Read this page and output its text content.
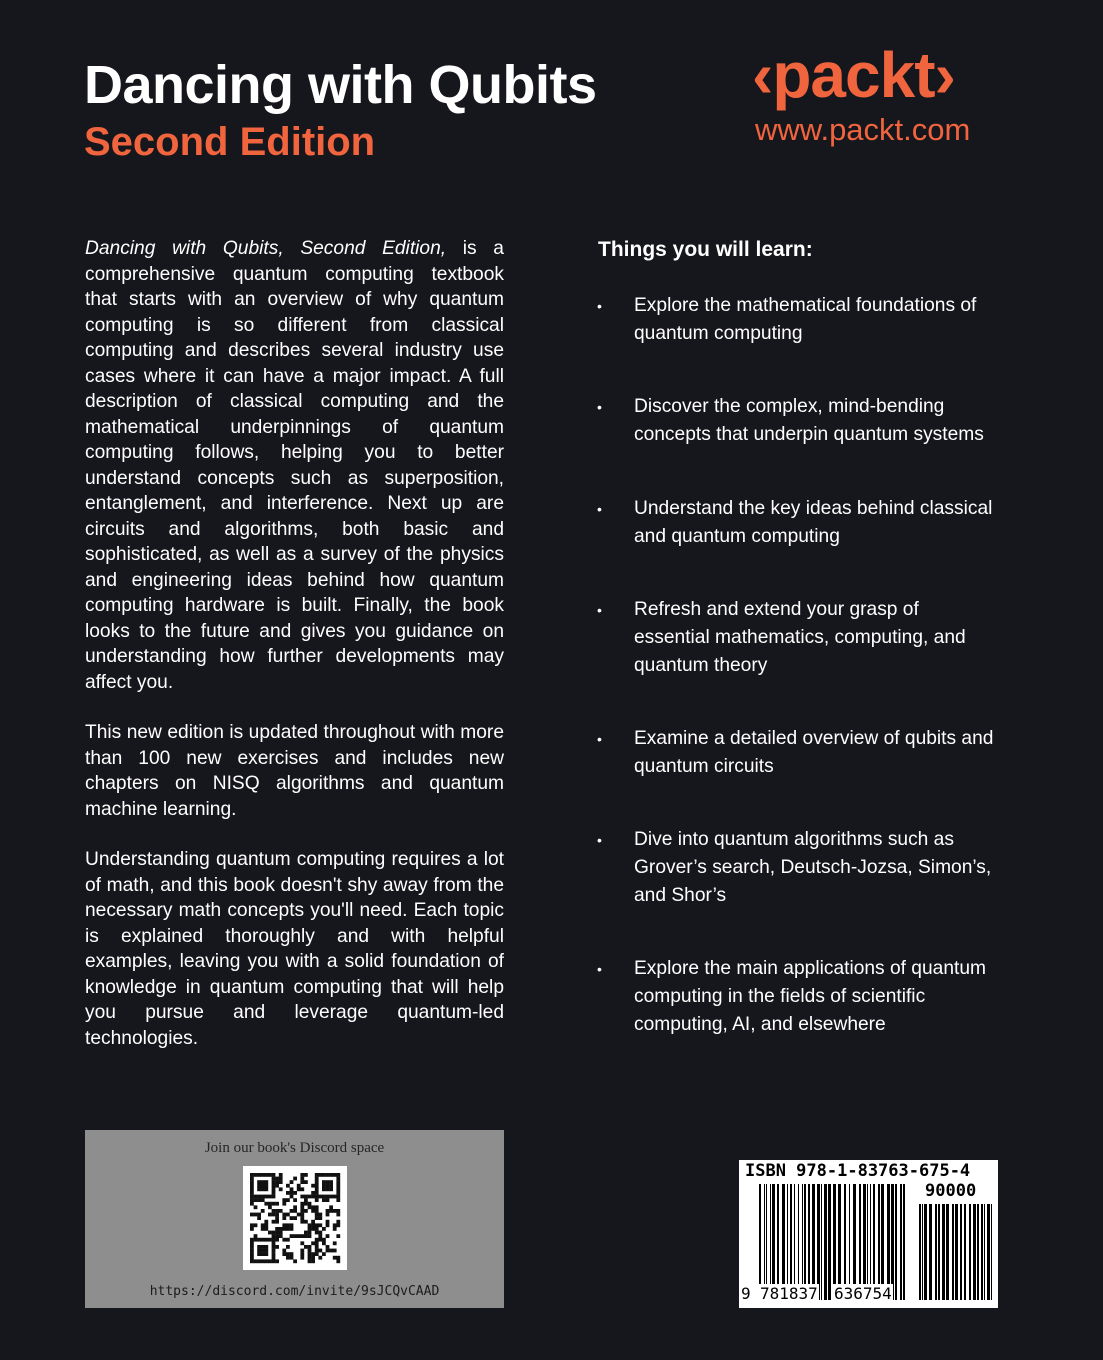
Dancing with Qubits
Second Edition
‹packt›
www.packt.com

Dancing with Qubits, Second Edition, is a comprehensive quantum computing textbook that starts with an overview of why quantum computing is so different from classical computing and describes several industry use cases where it can have a major impact. A full description of classical computing and the mathematical underpinnings of quantum computing follows, helping you to better understand concepts such as superposition, entanglement, and interference. Next up are circuits and algorithms, both basic and sophisticated, as well as a survey of the physics and engineering ideas behind how quantum computing hardware is built. Finally, the book looks to the future and gives you guidance on understanding how further developments may affect you.

This new edition is updated throughout with more than 100 new exercises and includes new chapters on NISQ algorithms and quantum machine learning.

Understanding quantum computing requires a lot of math, and this book doesn't shy away from the necessary math concepts you'll need. Each topic is explained thoroughly and with helpful examples, leaving you with a solid foundation of knowledge in quantum computing that will help you pursue and leverage quantum-led technologies.

Things you will learn:
• Explore the mathematical foundations of quantum computing
• Discover the complex, mind-bending concepts that underpin quantum systems
• Understand the key ideas behind classical and quantum computing
• Refresh and extend your grasp of essential mathematics, computing, and quantum theory
• Examine a detailed overview of qubits and quantum circuits
• Dive into quantum algorithms such as Grover’s search, Deutsch-Jozsa, Simon’s, and Shor’s
• Explore the main applications of quantum computing in the fields of scientific computing, AI, and elsewhere
Join our book's Discord space
https://discord.com/invite/9sJCQvCAAD
ISBN 978-1-83763-675-4
90000
9 781837 636754
